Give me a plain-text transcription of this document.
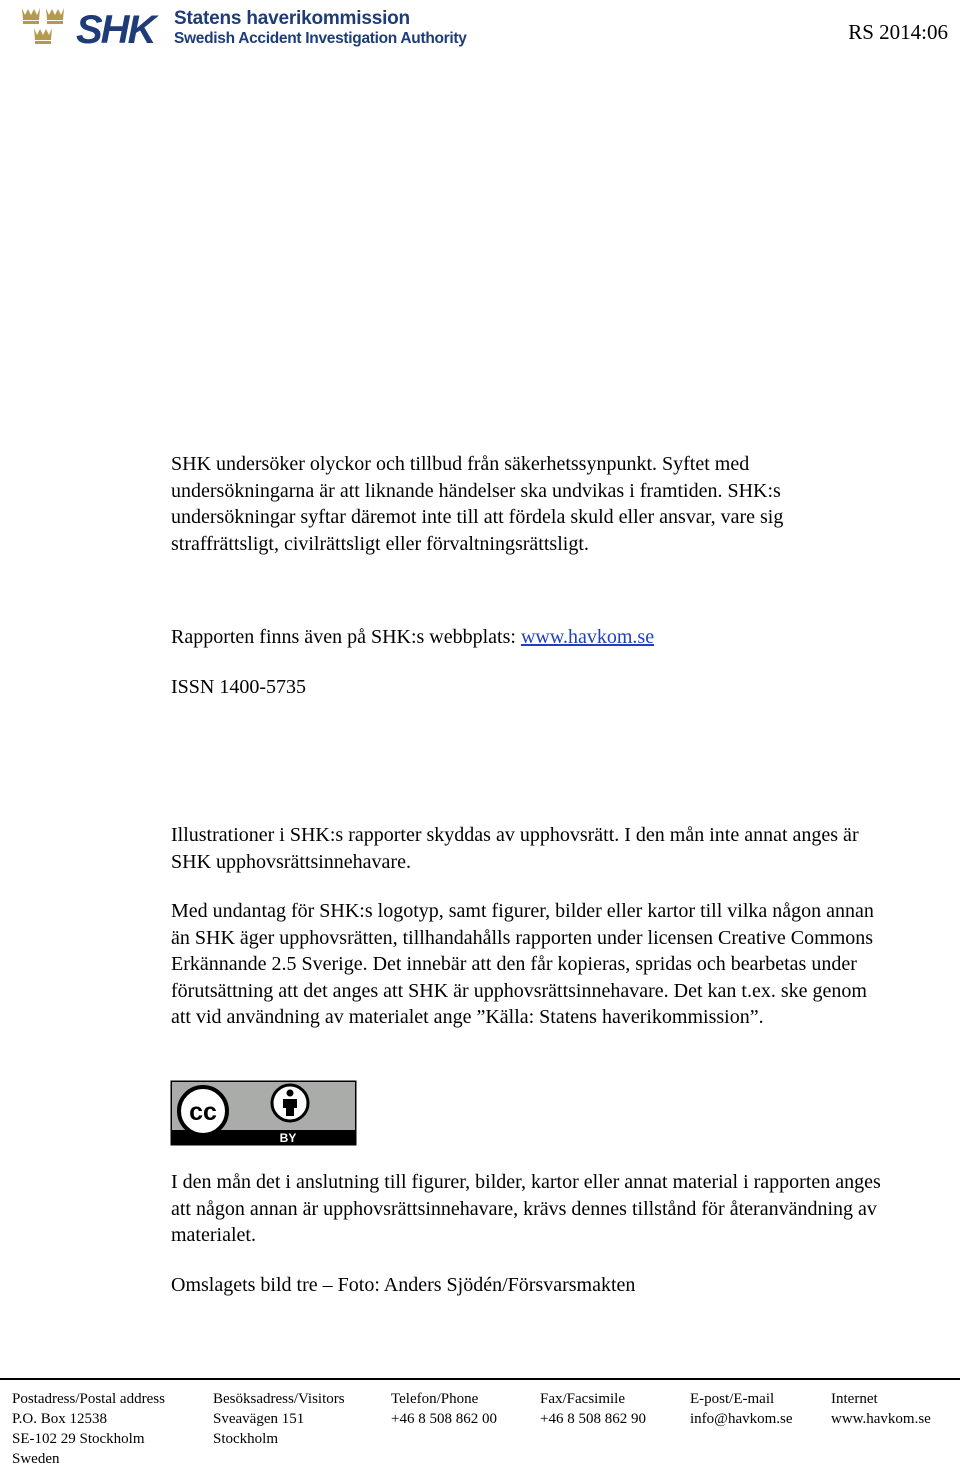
SHK Statens haverikommission
Swedish Accident Investigation Authority	RS 2014:06
SHK undersöker olyckor och tillbud från säkerhetssynpunkt. Syftet med undersökningarna är att liknande händelser ska undvikas i framtiden. SHK:s undersökningar syftar däremot inte till att fördela skuld eller ansvar, vare sig straffrättsligt, civilrättsligt eller förvaltningsrättsligt.
Rapporten finns även på SHK:s webbplats: www.havkom.se
ISSN 1400-5735
Illustrationer i SHK:s rapporter skyddas av upphovsrätt. I den mån inte annat anges är SHK upphovsrättsinnehavare.
Med undantag för SHK:s logotyp, samt figurer, bilder eller kartor till vilka någon annan än SHK äger upphovsrätten, tillhandahålls rapporten under licensen Creative Commons Erkännande 2.5 Sverige. Det innebär att den får kopieras, spridas och bearbetas under förutsättning att det anges att SHK är upphovsrättsinnehavare. Det kan t.ex. ske genom att vid användning av materialet ange ”Källa: Statens haverikommission”.
cc
BY
I den mån det i anslutning till figurer, bilder, kartor eller annat material i rapporten anges att någon annan är upphovsrättsinnehavare, krävs dennes tillstånd för återanvändning av materialet.
Omslagets bild tre – Foto: Anders Sjödén/Försvarsmakten
Postadress/Postal address
P.O. Box 12538
SE-102 29 Stockholm
Sweden
Besöksadress/Visitors
Sveavägen 151
Stockholm
Telefon/Phone
+46 8 508 862 00
Fax/Facsimile
+46 8 508 862 90
E-post/E-mail
info@havkom.se
Internet
www.havkom.se
